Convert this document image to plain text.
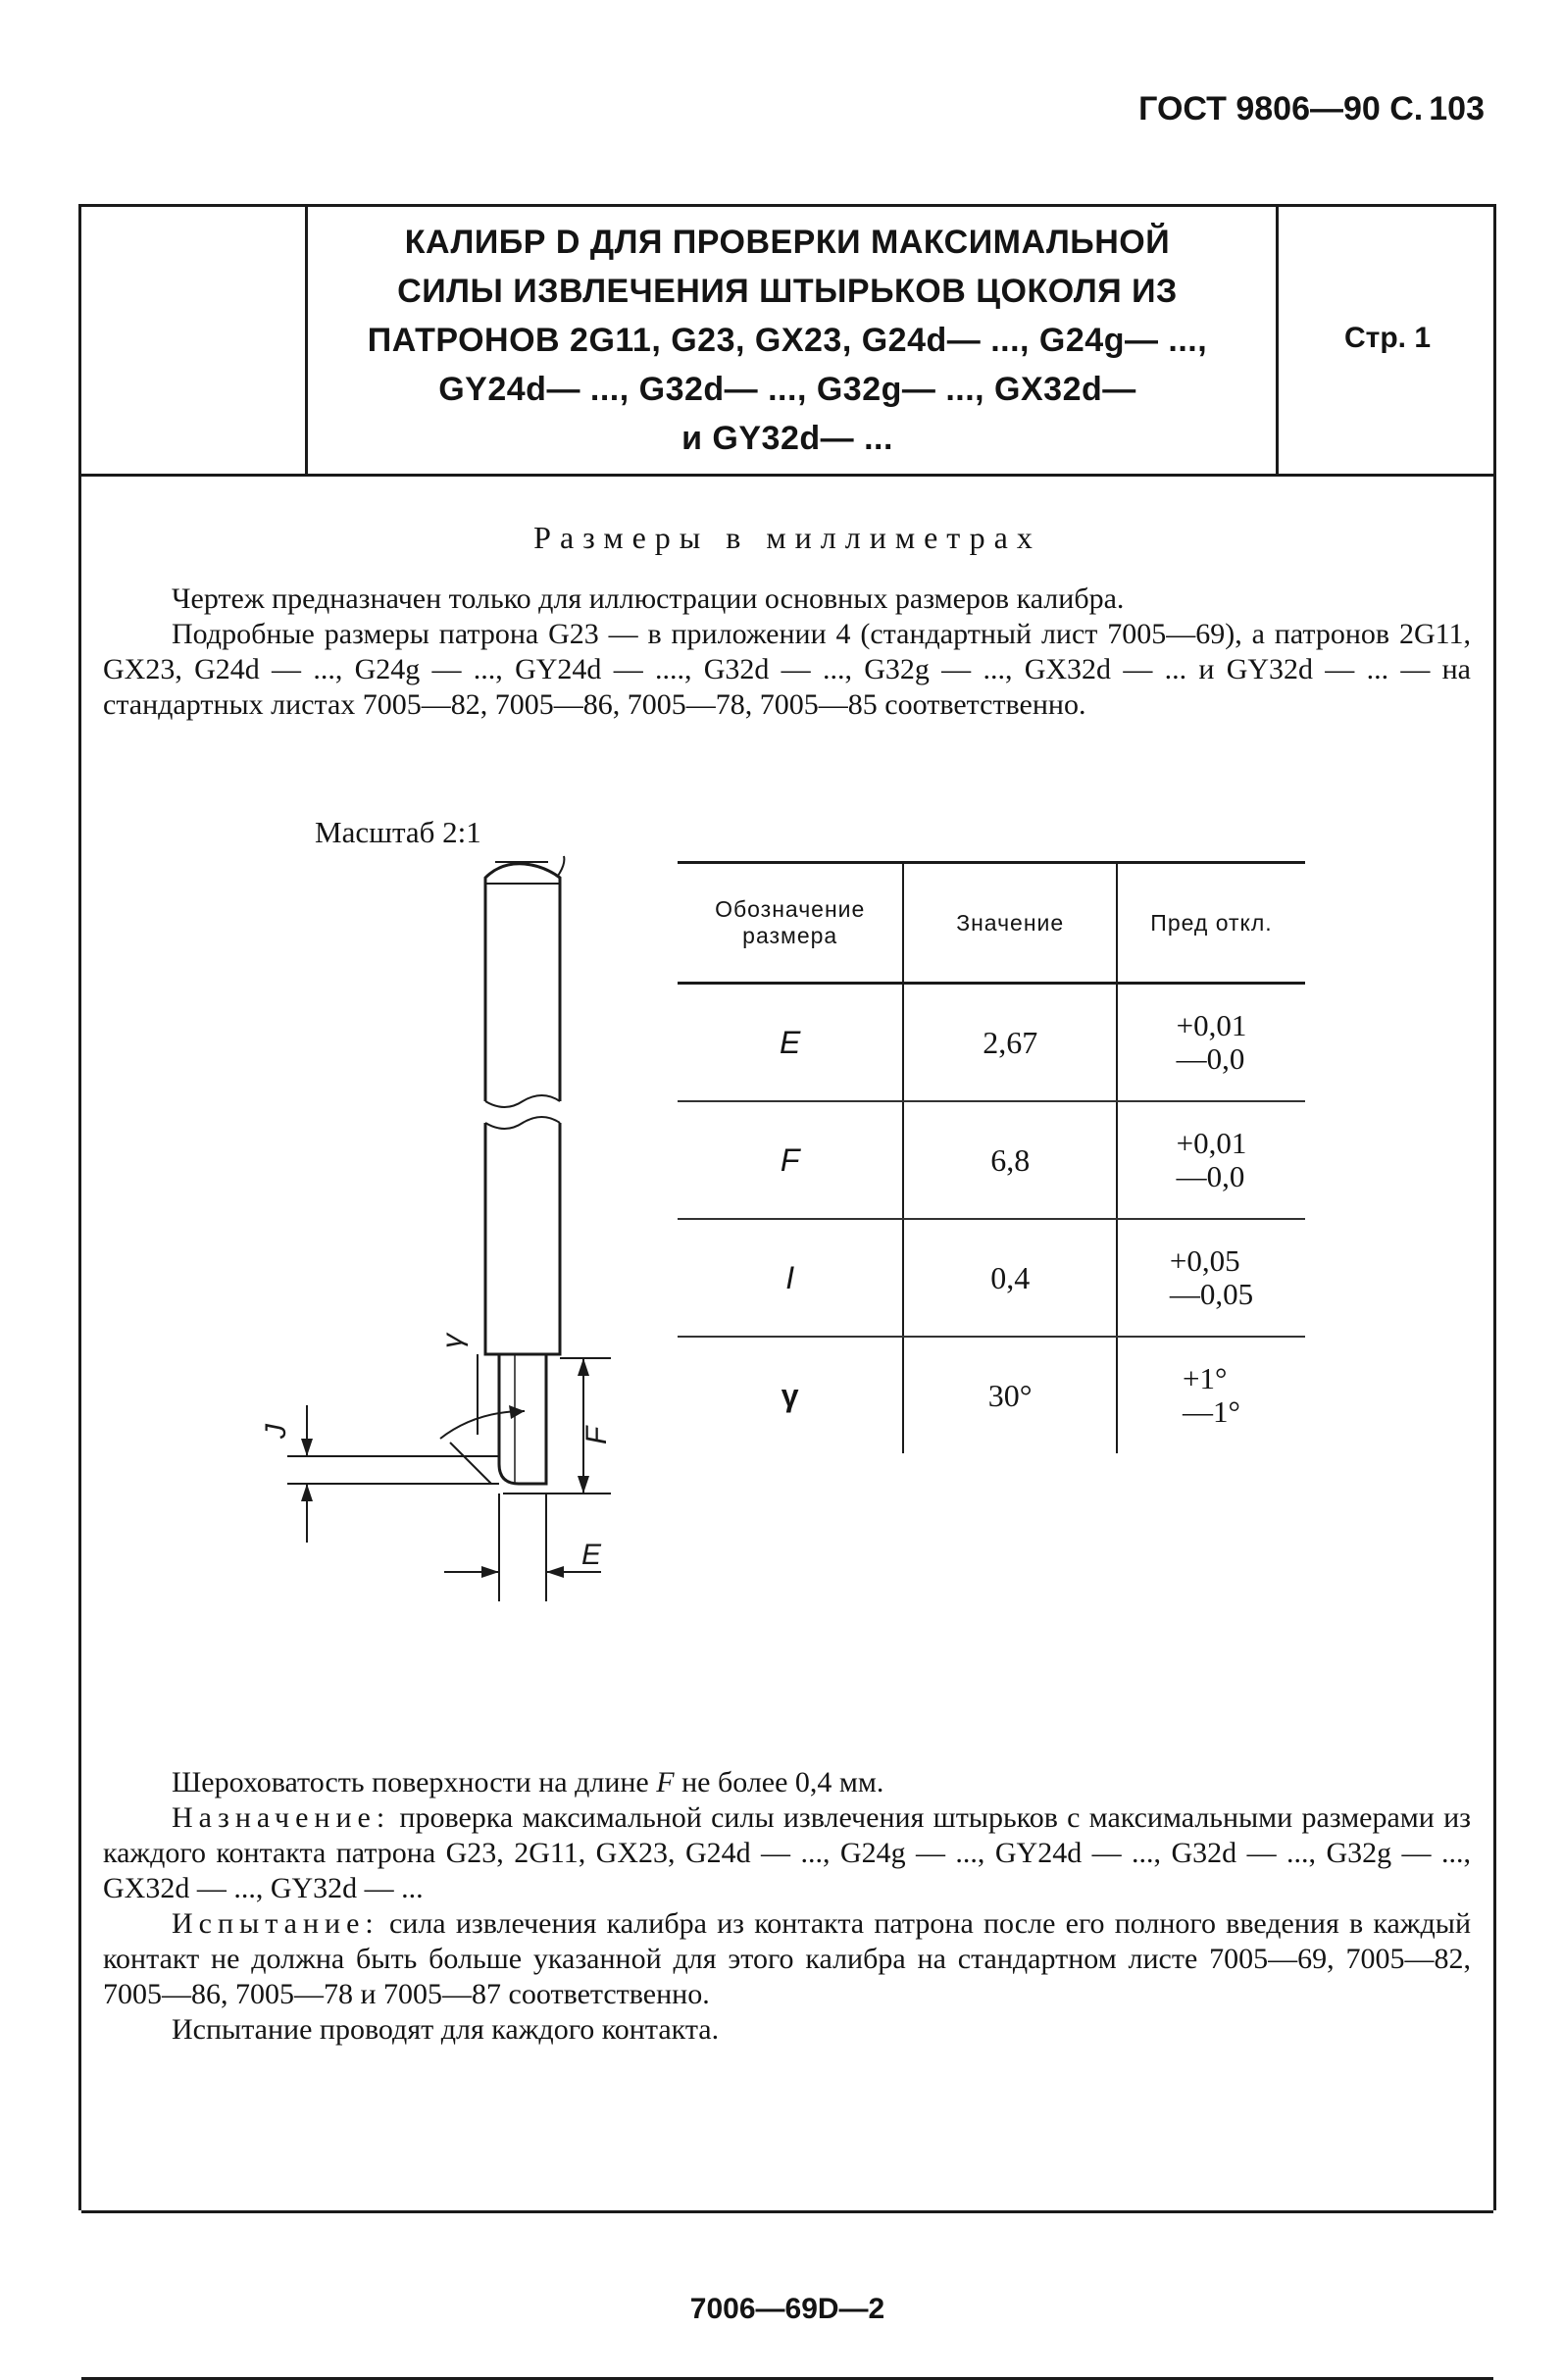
ГОСТ 9806—90 С. 103
КАЛИБР D ДЛЯ ПРОВЕРКИ МАКСИМАЛЬНОЙ
СИЛЫ ИЗВЛЕЧЕНИЯ ШТЫРЬКОВ ЦОКОЛЯ ИЗ
ПАТРОНОВ 2G11, G23, GX23, G24d— ..., G24g— ...,
GY24d— ..., G32d— ..., G32g— ..., GX32d—
и GY32d— ...
Стр. 1
Размеры в миллиметрах

Чертеж предназначен только для иллюстрации основных размеров калибра.

Подробные размеры патрона G23 — в приложении 4 (стандартный лист 7005—69), а патронов 2G11, GX23, G24d — ..., G24g — ..., GY24d — ...., G32d — ..., G32g — ..., GX32d — ... и GY32d — ... — на стандартных листах 7005—82, 7005—86, 7005—78, 7005—85 соответственно.

Масштаб 2:1
γ
F
J
E
Обозначение размера	Значение	Пред откл.
E	2,67	+0,01
—0,0
F	6,8	+0,01
—0,0
I	0,4	+0,05
—0,05
γ	30°	+1°
—1°

Шероховатость поверхности на длине F не более 0,4 мм.

Назначение: проверка максимальной силы извлечения штырьков с максимальными размерами из каждого контакта патрона G23, 2G11, GX23, G24d — ..., G24g — ..., GY24d — ..., G32d — ..., G32g — ..., GX32d — ..., GY32d — ...

Испытание: сила извлечения калибра из контакта патрона после его полного введения в каждый контакт не должна быть больше указанной для этого калибра на стандартном листе 7005—69, 7005—82, 7005—86, 7005—78 и 7005—87 соответственно.

Испытание проводят для каждого контакта.

7006—69D—2
